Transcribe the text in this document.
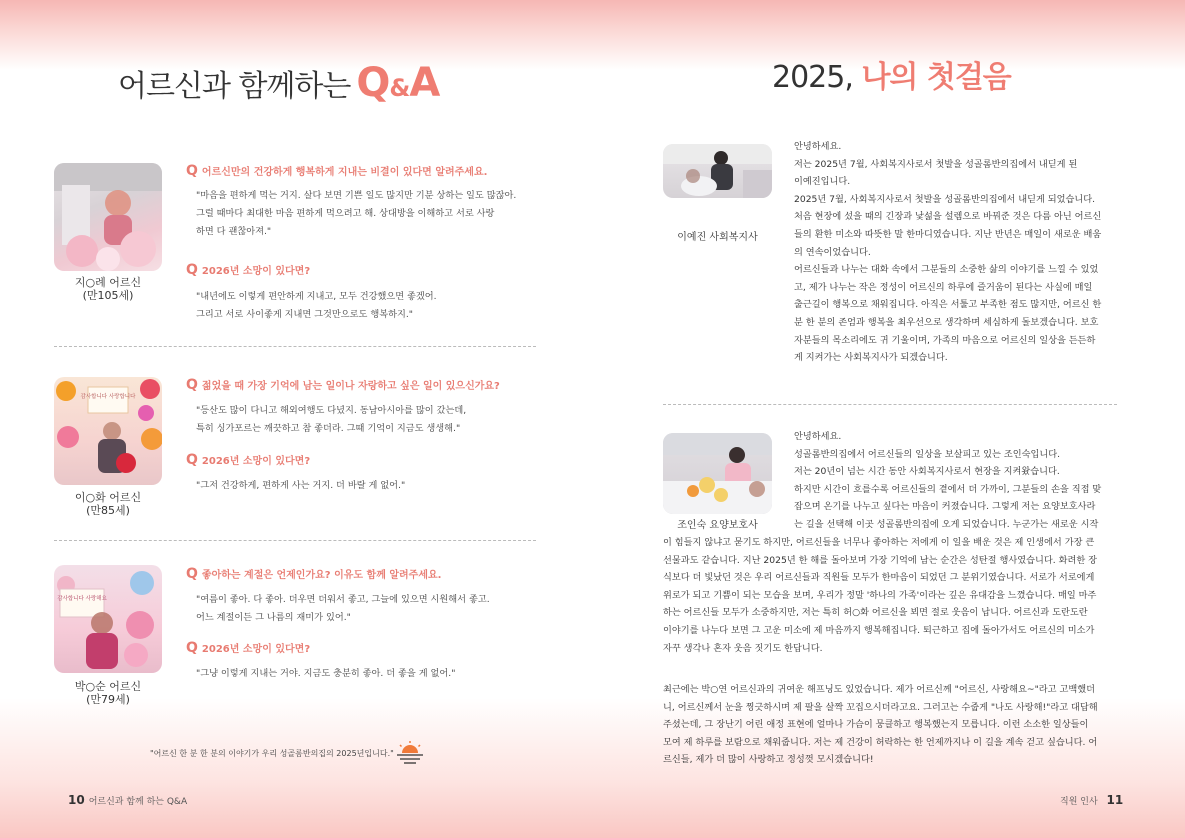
어르신과 함께하는 Q&A
지○례 어르신
(만105세)
Q 어르신만의 건강하게 행복하게 지내는 비결이 있다면 알려주세요.
"마음을 편하게 먹는 거지. 살다 보면 기쁜 일도 많지만 기분 상하는 일도 많잖아.
그럴 때마다 최대한 마음 편하게 먹으려고 해. 상대방을 이해하고 서로 사랑
하면 다 괜찮아져."
Q 2026년 소망이 있다면?
"내년에도 이렇게 편안하게 지내고, 모두 건강했으면 좋겠어.
그리고 서로 사이좋게 지내면 그것만으로도 행복하지."
감사합니다 사랑합니다
이○화 어르신
(만85세)
Q 젊었을 때 가장 기억에 남는 일이나 자랑하고 싶은 일이 있으신가요?
"등산도 많이 다니고 해외여행도 다녔지. 동남아시아를 많이 갔는데,
특히 싱가포르는 깨끗하고 참 좋더라. 그때 기억이 지금도 생생해."
Q 2026년 소망이 있다면?
"그저 건강하게, 편하게 사는 거지. 더 바랄 게 없어."
감사합니다 사랑해요
박○순 어르신
(만79세)
Q 좋아하는 계절은 언제인가요? 이유도 함께 알려주세요.
"여름이 좋아. 다 좋아. 더우면 더워서 좋고, 그늘에 있으면 시원해서 좋고.
어느 계절이든 그 나름의 재미가 있어."
Q 2026년 소망이 있다면?
"그냥 이렇게 지내는 거야. 지금도 충분히 좋아. 더 좋을 게 없어."
"어르신 한 분 한 분의 이야기가 우리 성골롬반의집의 2025년입니다."
10 어르신과 함께 하는 Q&A
2025, 나의 첫걸음
이예진 사회복지사
안녕하세요.
저는 2025년 7월, 사회복지사로서 첫발을 성골롬반의집에서 내딛게 된
이예진입니다.
2025년 7월, 사회복지사로서 첫발을 성골롬반의집에서 내딛게 되었습니다.
처음 현장에 섰을 때의 긴장과 낯섦을 설렘으로 바꿔준 것은 다름 아닌 어르신
들의 환한 미소와 따뜻한 말 한마디였습니다. 지난 반년은 매일이 새로운 배움
의 연속이었습니다.
어르신들과 나누는 대화 속에서 그분들의 소중한 삶의 이야기를 느낄 수 있었
고, 제가 나누는 작은 정성이 어르신의 하루에 즐거움이 된다는 사실에 매일
출근길이 행복으로 채워집니다. 아직은 서툴고 부족한 점도 많지만, 어르신 한
분 한 분의 존엄과 행복을 최우선으로 생각하며 세심하게 돌보겠습니다. 보호
자분들의 목소리에도 귀 기울이며, 가족의 마음으로 어르신의 일상을 든든하
게 지켜가는 사회복지사가 되겠습니다.
조인숙 요양보호사
안녕하세요.
성골롬반의집에서 어르신들의 일상을 보살피고 있는 조인숙입니다.
저는 20년이 넘는 시간 동안 사회복지사로서 현장을 지켜왔습니다.
하지만 시간이 흐를수록 어르신들의 곁에서 더 가까이, 그분들의 손을 직접 맞
잡으며 온기를 나누고 싶다는 마음이 커졌습니다. 그렇게 저는 요양보호사라
는 길을 선택해 이곳 성골롬반의집에 오게 되었습니다. 누군가는 새로운 시작
이 힘들지 않냐고 묻기도 하지만, 어르신들을 너무나 좋아하는 저에게 이 일을 배운 것은 제 인생에서 가장 큰
선물과도 같습니다. 지난 2025년 한 해를 돌아보며 가장 기억에 남는 순간은 성탄절 행사였습니다. 화려한 장
식보다 더 빛났던 것은 우리 어르신들과 직원들 모두가 한마음이 되었던 그 분위기였습니다. 서로가 서로에게
위로가 되고 기쁨이 되는 모습을 보며, 우리가 정말 '하나의 가족'이라는 깊은 유대감을 느꼈습니다. 매일 마주
하는 어르신들 모두가 소중하지만, 저는 특히 허○화 어르신을 뵈면 절로 웃음이 납니다. 어르신과 도란도란
이야기를 나누다 보면 그 고운 미소에 제 마음까지 행복해집니다. 퇴근하고 집에 돌아가서도 어르신의 미소가
자꾸 생각나 혼자 웃음 짓기도 한답니다.
최근에는 박○연 어르신과의 귀여운 해프닝도 있었습니다. 제가 어르신께 "어르신, 사랑해요~"라고 고백했더
니, 어르신께서 눈을 찡긋하시며 제 팔을 살짝 꼬집으시더라고요. 그러고는 수줍게 "나도 사랑해!"라고 대답해
주셨는데, 그 장난기 어린 애정 표현에 얼마나 가슴이 뭉클하고 행복했는지 모릅니다. 이런 소소한 일상들이
모여 제 하루를 보람으로 채워줍니다. 저는 제 건강이 허락하는 한 언제까지나 이 길을 계속 걷고 싶습니다. 어
르신들, 제가 더 많이 사랑하고 정성껏 모시겠습니다!
직원 인사 11
